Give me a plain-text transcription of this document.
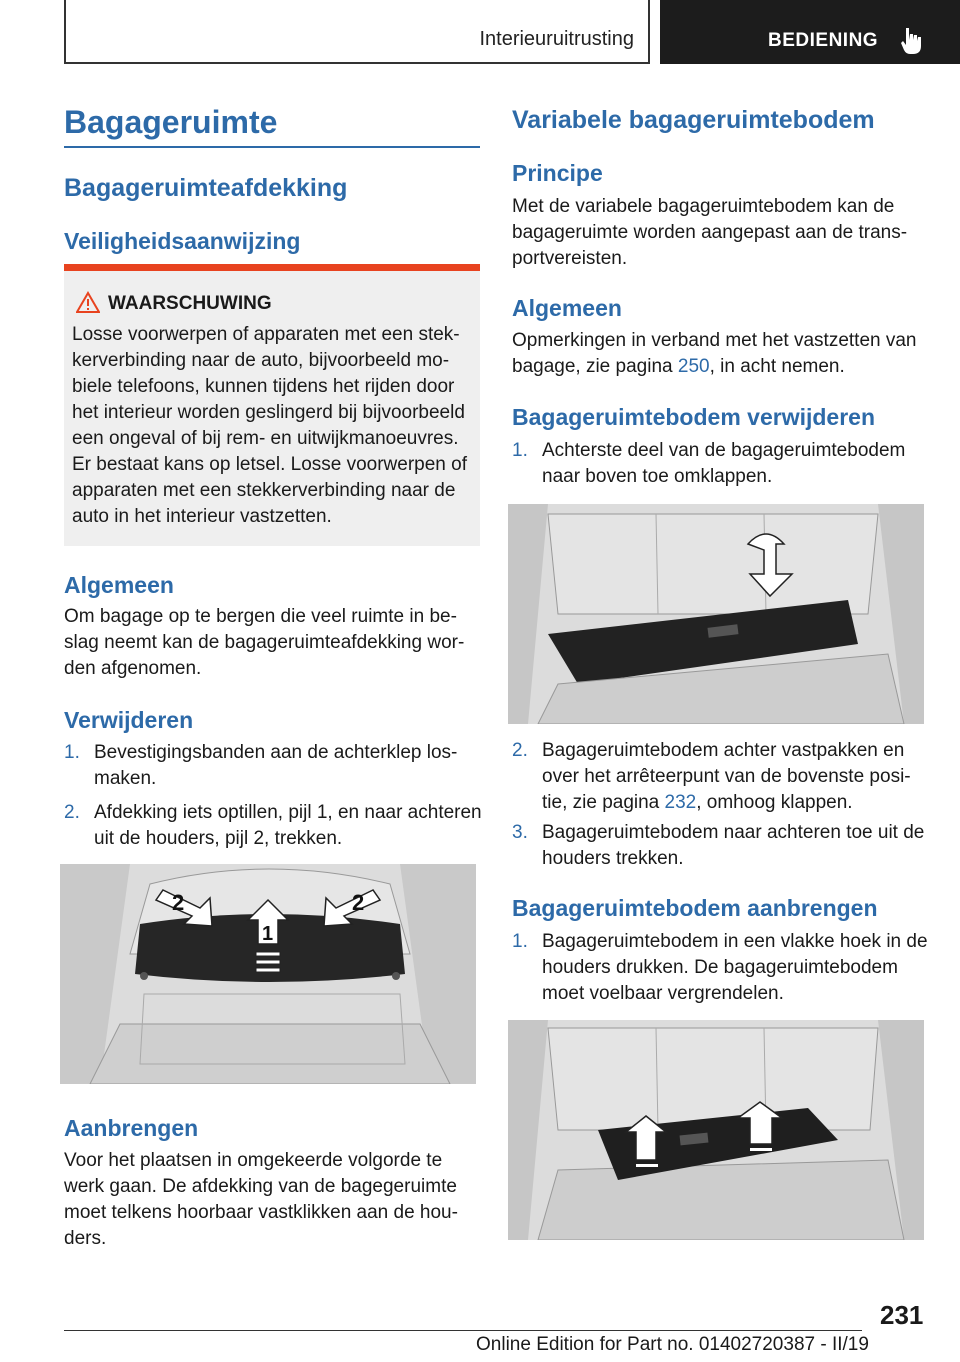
Interieuruitrusting	BEDIENING
Bagageruimte
Bagageruimteafdekking
Veiligheidsaanwijzing
WAARSCHUWING

Losse voorwerpen of apparaten met een stek-
kerverbinding naar de auto, bijvoorbeeld mo-
biele telefoons, kunnen tijdens het rijden door
het interieur worden geslingerd bij bijvoorbeeld
een ongeval of bij rem- en uitwijkmanoeuvres.
Er bestaat kans op letsel. Losse voorwerpen of
apparaten met een stekkerverbinding naar de
auto in het interieur vastzetten.

Algemeen

Om bagage op te bergen die veel ruimte in be-
slag neemt kan de bagageruimteafdekking wor-
den afgenomen.

Verwijderen
1. Bevestigingsbanden aan de achterklep los-
maken.
2. Afdekking iets optillen, pijl 1, en naar achteren
uit de houders, pijl 2, trekken.
2
1
2
Aanbrengen

Voor het plaatsen in omgekeerde volgorde te
werk gaan. De afdekking van de bagegeruimte
moet telkens hoorbaar vastklikken aan de hou-
ders.

Variabele bagageruimtebodem
Principe

Met de variabele bagageruimtebodem kan de
bagageruimte worden aangepast aan de trans-
portvereisten.

Algemeen

Opmerkingen in verband met het vastzetten van
bagage, zie pagina 250, in acht nemen.

Bagageruimtebodem verwijderen
1. Achterste deel van de bagageruimtebodem
naar boven toe omklappen.
2. Bagageruimtebodem achter vastpakken en
over het arrêteerpunt van de bovenste posi-
tie, zie pagina 232, omhoog klappen.
3. Bagageruimtebodem naar achteren toe uit de
houders trekken.
Bagageruimtebodem aanbrengen
1. Bagageruimtebodem in een vlakke hoek in de
houders drukken. De bagageruimtebodem
moet voelbaar vergrendelen.
231
Online Edition for Part no. 01402720387 - II/19
